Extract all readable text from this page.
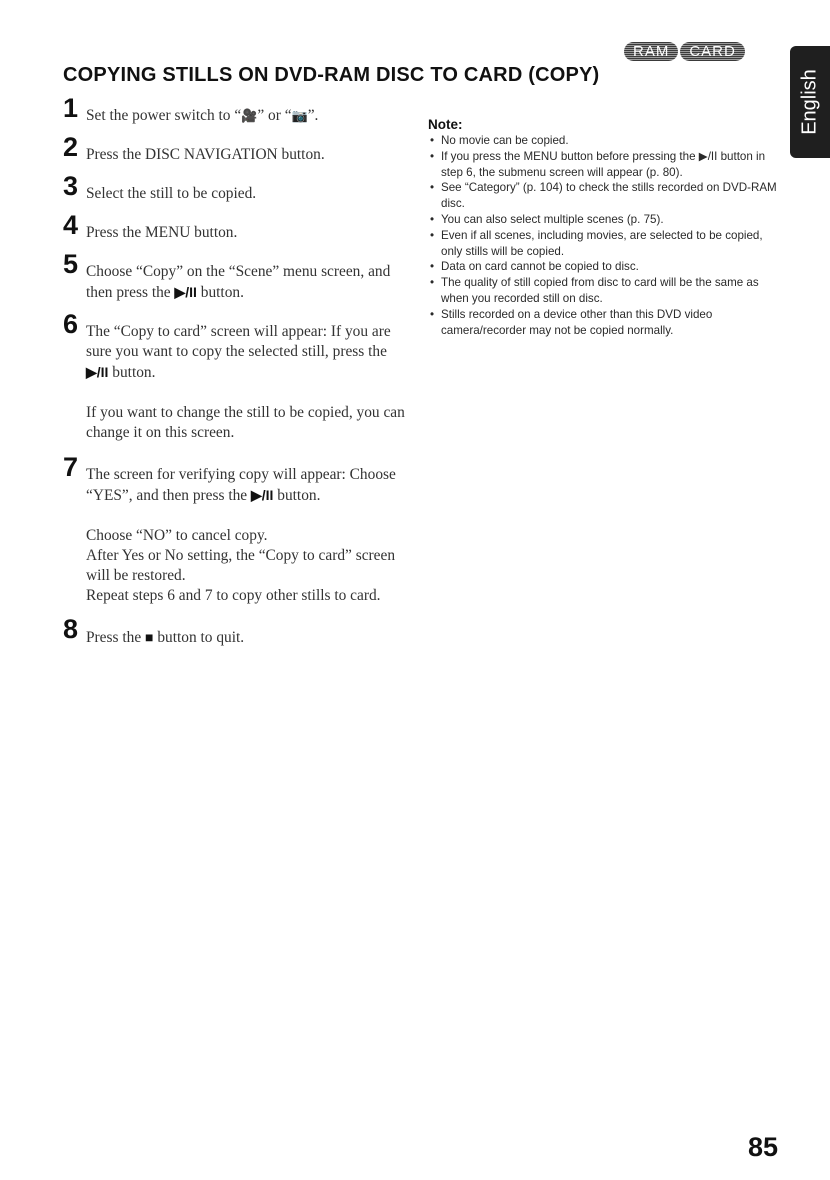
RAM	CARD
English
COPYING STILLS ON DVD-RAM DISC TO CARD (COPY)
1 Set the power switch to “🎥” or “📷”.

2 Press the DISC NAVIGATION button.

3 Select the still to be copied.

4 Press the MENU button.

5 Choose “Copy” on the “Scene” menu screen, and then press the ▶/II button.

6 The “Copy to card” screen will appear: If you are sure you want to copy the selected still, press the ▶/II button.

If you want to change the still to be copied, you can change it on this screen.

7 The screen for verifying copy will appear: Choose “YES”, and then press the ▶/II button.

Choose “NO” to cancel copy.

After Yes or No setting, the “Copy to card” screen will be restored.

Repeat steps 6 and 7 to copy other stills to card.

8 Press the ■ button to quit.

Note:
• No movie can be copied.
• If you press the MENU button before pressing the ▶/II button in step 6, the submenu screen will appear (p. 80).
• See “Category” (p. 104) to check the stills recorded on DVD-RAM disc.
• You can also select multiple scenes (p. 75).
• Even if all scenes, including movies, are selected to be copied, only stills will be copied.
• Data on card cannot be copied to disc.
• The quality of still copied from disc to card will be the same as when you recorded still on disc.
• Stills recorded on a device other than this DVD video camera/recorder may not be copied normally.
85
